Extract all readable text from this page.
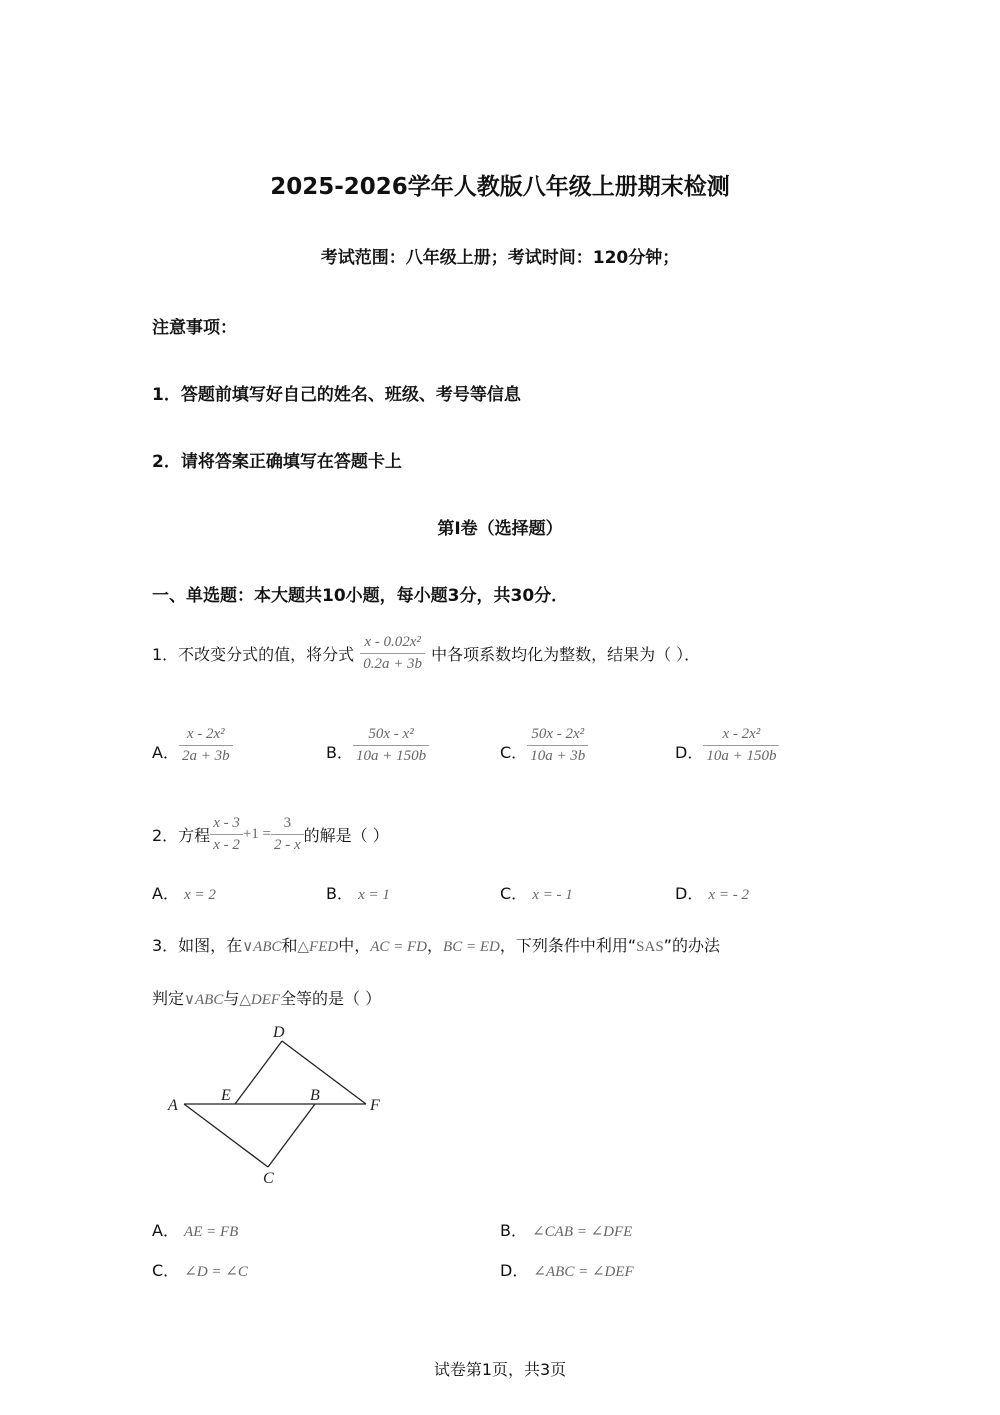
2025-2026学年人教版八年级上册期末检测
考试范围：八年级上册；考试时间：120分钟；
注意事项：
1．答题前填写好自己的姓名、班级、考号等信息
2．请将答案正确填写在答题卡上
第I卷（选择题）
一、单选题：本大题共10小题，每小题3分，共30分．
1．不改变分式的值，将分式 $\frac{\text{x - 0.02x²}}{0.2a + 3b}$ 中各项系数均化为整数，结果为（ ）．
A． $\frac{\text{x - 2x²}}{2a + 3b}$	B． $\frac{\text{50x - x²}}{10a + 150b}$	C． $\frac{\text{50x - 2x²}}{10a + 3b}$	D． $\frac{\text{x - 2x²}}{10a + 150b}$
2．方程 $\frac{x - 3}{x - 2} +1 = \frac{3}{2 - x}$ 的解是（ ）
A． x = 2	B． x = 1	C． x = - 1	D． x = - 2
3．如图，在∨ABC和△FED中，AC = FD，BC = ED，下列条件中利用“SAS”的办法
判定∨ABC与△DEF全等的是（ ）
D
A
E	B
F
C
A． AE = FB	B． ∠CAB = ∠DFE
C． ∠D = ∠C	D． ∠ABC = ∠DEF
试卷第1页，共3页
